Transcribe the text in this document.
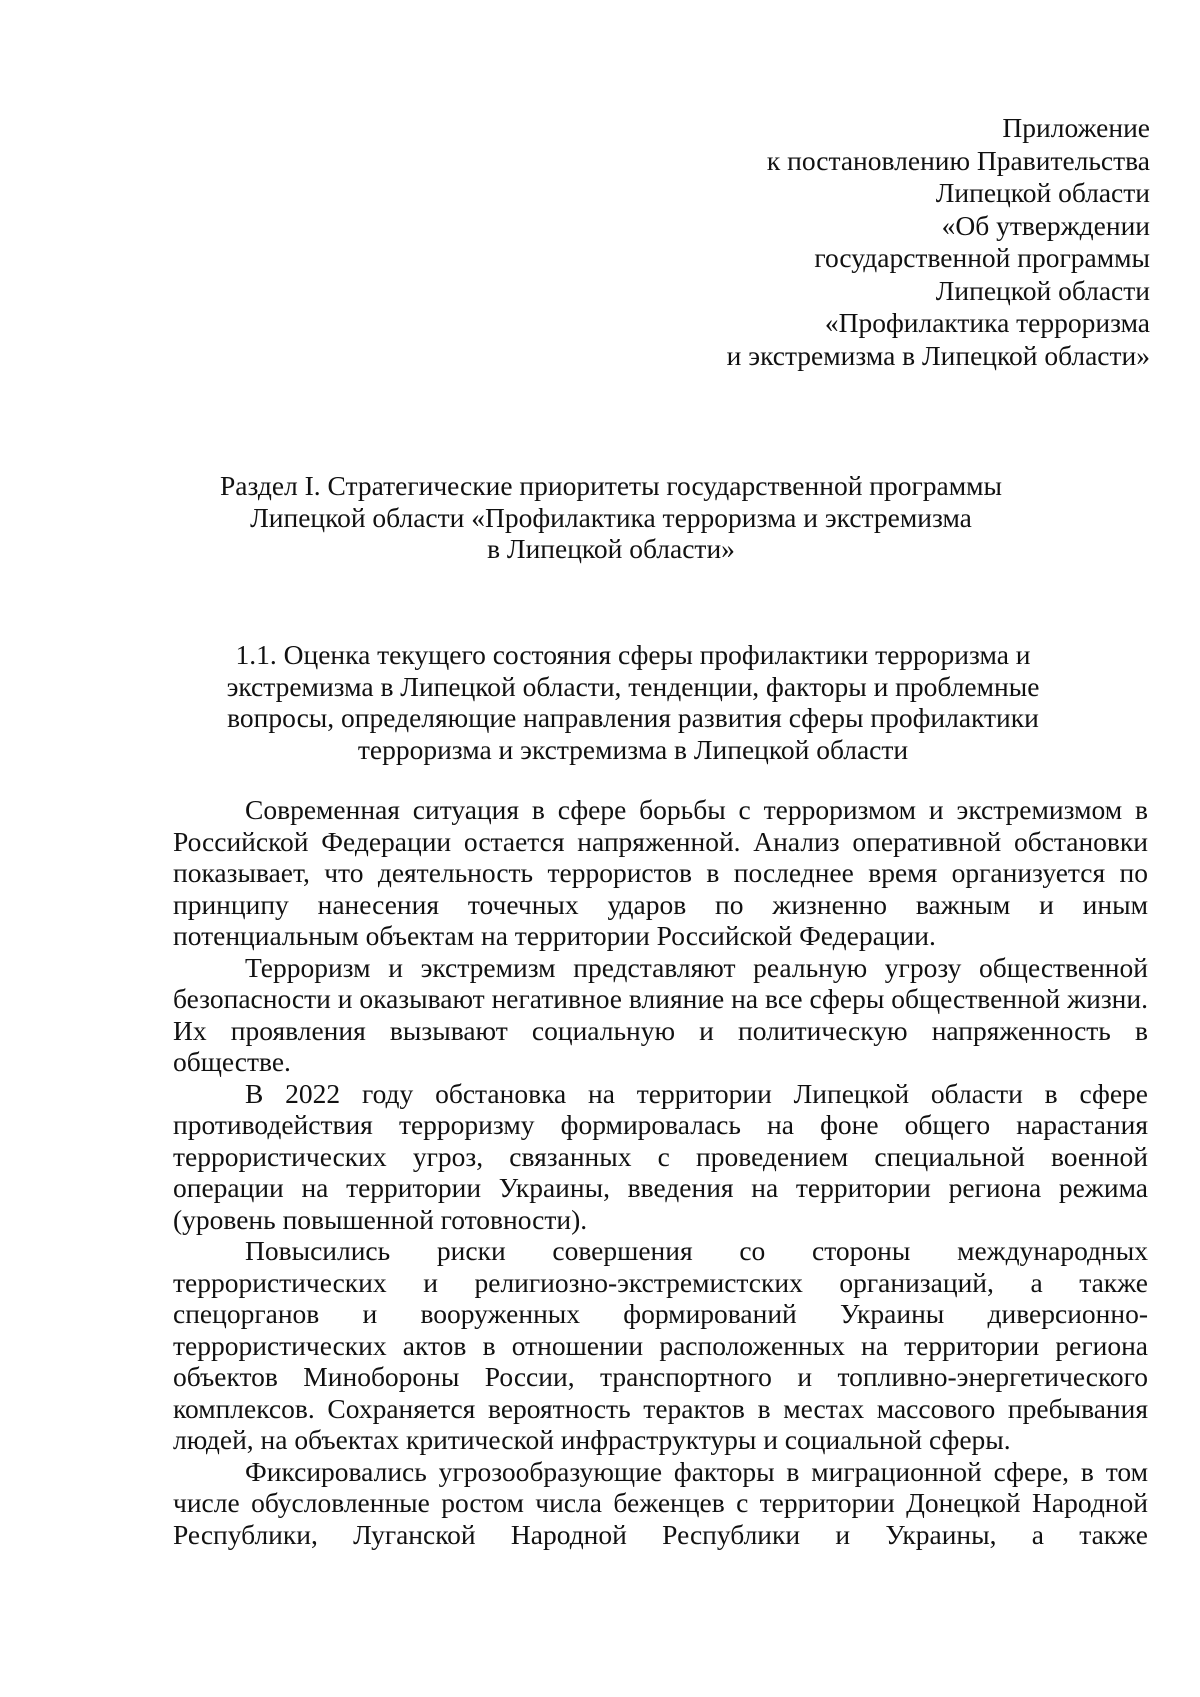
Приложение
к постановлению Правительства
Липецкой области
«Об утверждении
государственной программы
Липецкой области
«Профилактика терроризма
и экстремизма в Липецкой области»
Раздел I. Стратегические приоритеты государственной программы
Липецкой области «Профилактика терроризма и экстремизма
в Липецкой области»
1.1. Оценка текущего состояния сферы профилактики терроризма и
экстремизма в Липецкой области, тенденции, факторы и проблемные
вопросы, определяющие направления развития сферы профилактики
терроризма и экстремизма в Липецкой области

Современная ситуация в сфере борьбы с терроризмом и экстремизмом в Российской Федерации остается напряженной. Анализ оперативной обстановки показывает, что деятельность террористов в последнее время организуется по принципу нанесения точечных ударов по жизненно важным и иным потенциальным объектам на территории Российской Федерации.

Терроризм и экстремизм представляют реальную угрозу общественной безопасности и оказывают негативное влияние на все сферы общественной жизни. Их проявления вызывают социальную и политическую напряженность в обществе.

В 2022 году обстановка на территории Липецкой области в сфере противодействия терроризму формировалась на фоне общего нарастания террористических угроз, связанных с проведением специальной военной операции на территории Украины, введения на территории региона режима (уровень повышенной готовности).

Повысились риски совершения со стороны международных террористических и религиозно-экстремистских организаций, а также спецорганов и вооруженных формирований Украины диверсионно-террористических актов в отношении расположенных на территории региона объектов Минобороны России, транспортного и топливно-энергетического комплексов. Сохраняется вероятность терактов в местах массового пребывания людей, на объектах критической инфраструктуры и социальной сферы.

Фиксировались угрозообразующие факторы в миграционной сфере, в том числе обусловленные ростом числа беженцев с территории Донецкой Народной Республики, Луганской Народной Республики и Украины, а также
